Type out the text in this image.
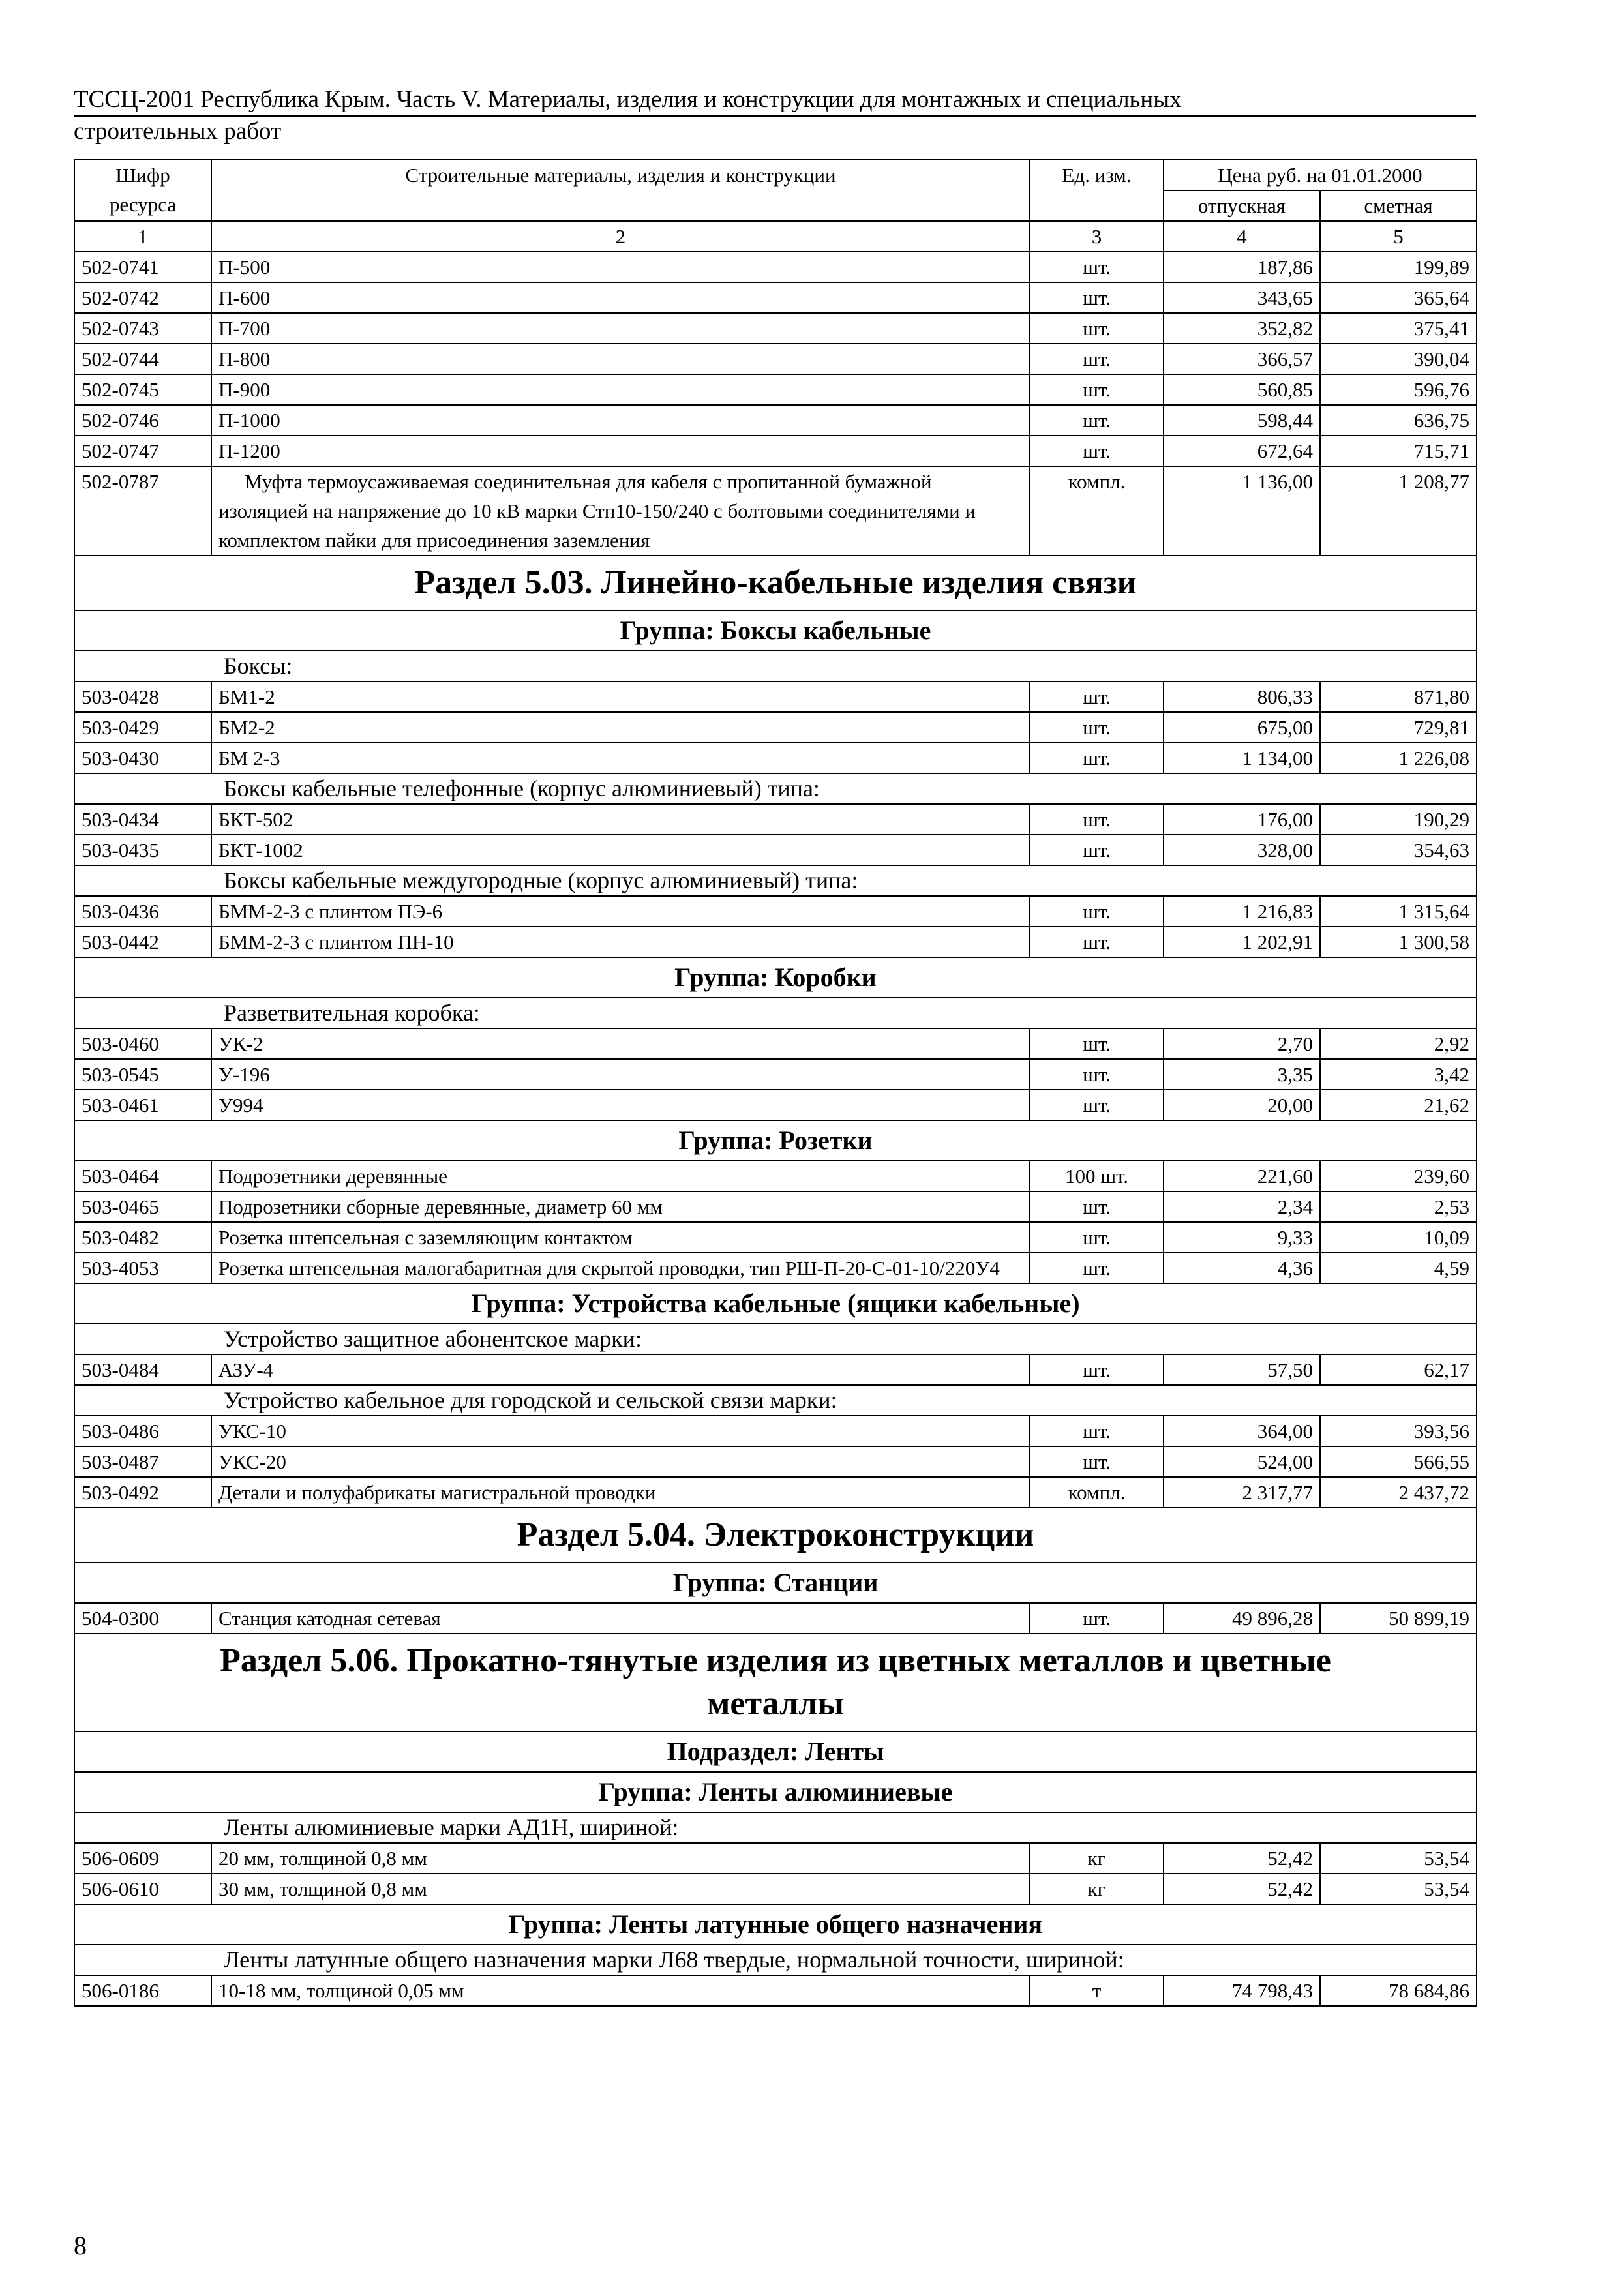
ТССЦ-2001 Республика Крым. Часть V. Материалы, изделия и конструкции для монтажных и специальных
строительных работ
Шифр ресурса	Строительные материалы, изделия и конструкции	Ед. изм.	Цена руб. на 01.01.2000	
			отпускная	сметная
1	2	3	4	5
502-0741	П-500	шт.	187,86	199,89
502-0742	П-600	шт.	343,65	365,64
502-0743	П-700	шт.	352,82	375,41
502-0744	П-800	шт.	366,57	390,04
502-0745	П-900	шт.	560,85	596,76
502-0746	П-1000	шт.	598,44	636,75
502-0747	П-1200	шт.	672,64	715,71
502-0787	Муфта термоусаживаемая соединительная для кабеля с пропитанной бумажной изоляцией на напряжение до 10 кВ марки Стп10-150/240 с болтовыми соединителями и комплектом пайки для присоединения заземления	компл.	1 136,00	1 208,77
Раздел 5.03. Линейно-кабельные изделия связи				
Группа: Боксы кабельные				
Боксы:				
503-0428	БМ1-2	шт.	806,33	871,80
503-0429	БМ2-2	шт.	675,00	729,81
503-0430	БМ 2-3	шт.	1 134,00	1 226,08
Боксы кабельные телефонные (корпус алюминиевый) типа:				
503-0434	БКТ-502	шт.	176,00	190,29
503-0435	БКТ-1002	шт.	328,00	354,63
Боксы кабельные междугородные (корпус алюминиевый) типа:				
503-0436	БММ-2-3 с плинтом ПЭ-6	шт.	1 216,83	1 315,64
503-0442	БММ-2-3 с плинтом ПН-10	шт.	1 202,91	1 300,58
Группа: Коробки				
Разветвительная коробка:				
503-0460	УК-2	шт.	2,70	2,92
503-0545	У-196	шт.	3,35	3,42
503-0461	У994	шт.	20,00	21,62
Группа: Розетки				
503-0464	Подрозетники деревянные	100 шт.	221,60	239,60
503-0465	Подрозетники сборные деревянные, диаметр 60 мм	шт.	2,34	2,53
503-0482	Розетка штепсельная с заземляющим контактом	шт.	9,33	10,09
503-4053	Розетка штепсельная малогабаритная для скрытой проводки, тип РШ-П-20-С-01-10/220У4	шт.	4,36	4,59
Группа: Устройства кабельные (ящики кабельные)				
Устройство защитное абонентское марки:				
503-0484	АЗУ-4	шт.	57,50	62,17
Устройство кабельное для городской и сельской связи марки:				
503-0486	УКС-10	шт.	364,00	393,56
503-0487	УКС-20	шт.	524,00	566,55
503-0492	Детали и полуфабрикаты магистральной проводки	компл.	2 317,77	2 437,72
Раздел 5.04. Электроконструкции				
Группа: Станции				
504-0300	Станция катодная сетевая	шт.	49 896,28	50 899,19

Раздел 5.06. Прокатно-тянутые изделия из цветных металлов и цветные
металлы				

Подраздел: Ленты				
Группа: Ленты алюминиевые				
Ленты алюминиевые марки АД1Н, шириной:				
506-0609	20 мм, толщиной 0,8 мм	кг	52,42	53,54
506-0610	30 мм, толщиной 0,8 мм	кг	52,42	53,54
Группа: Ленты латунные общего назначения				
Ленты латунные общего назначения марки Л68 твердые, нормальной точности, шириной:				
506-0186	10-18 мм, толщиной 0,05 мм	т	74 798,43	78 684,86
8
